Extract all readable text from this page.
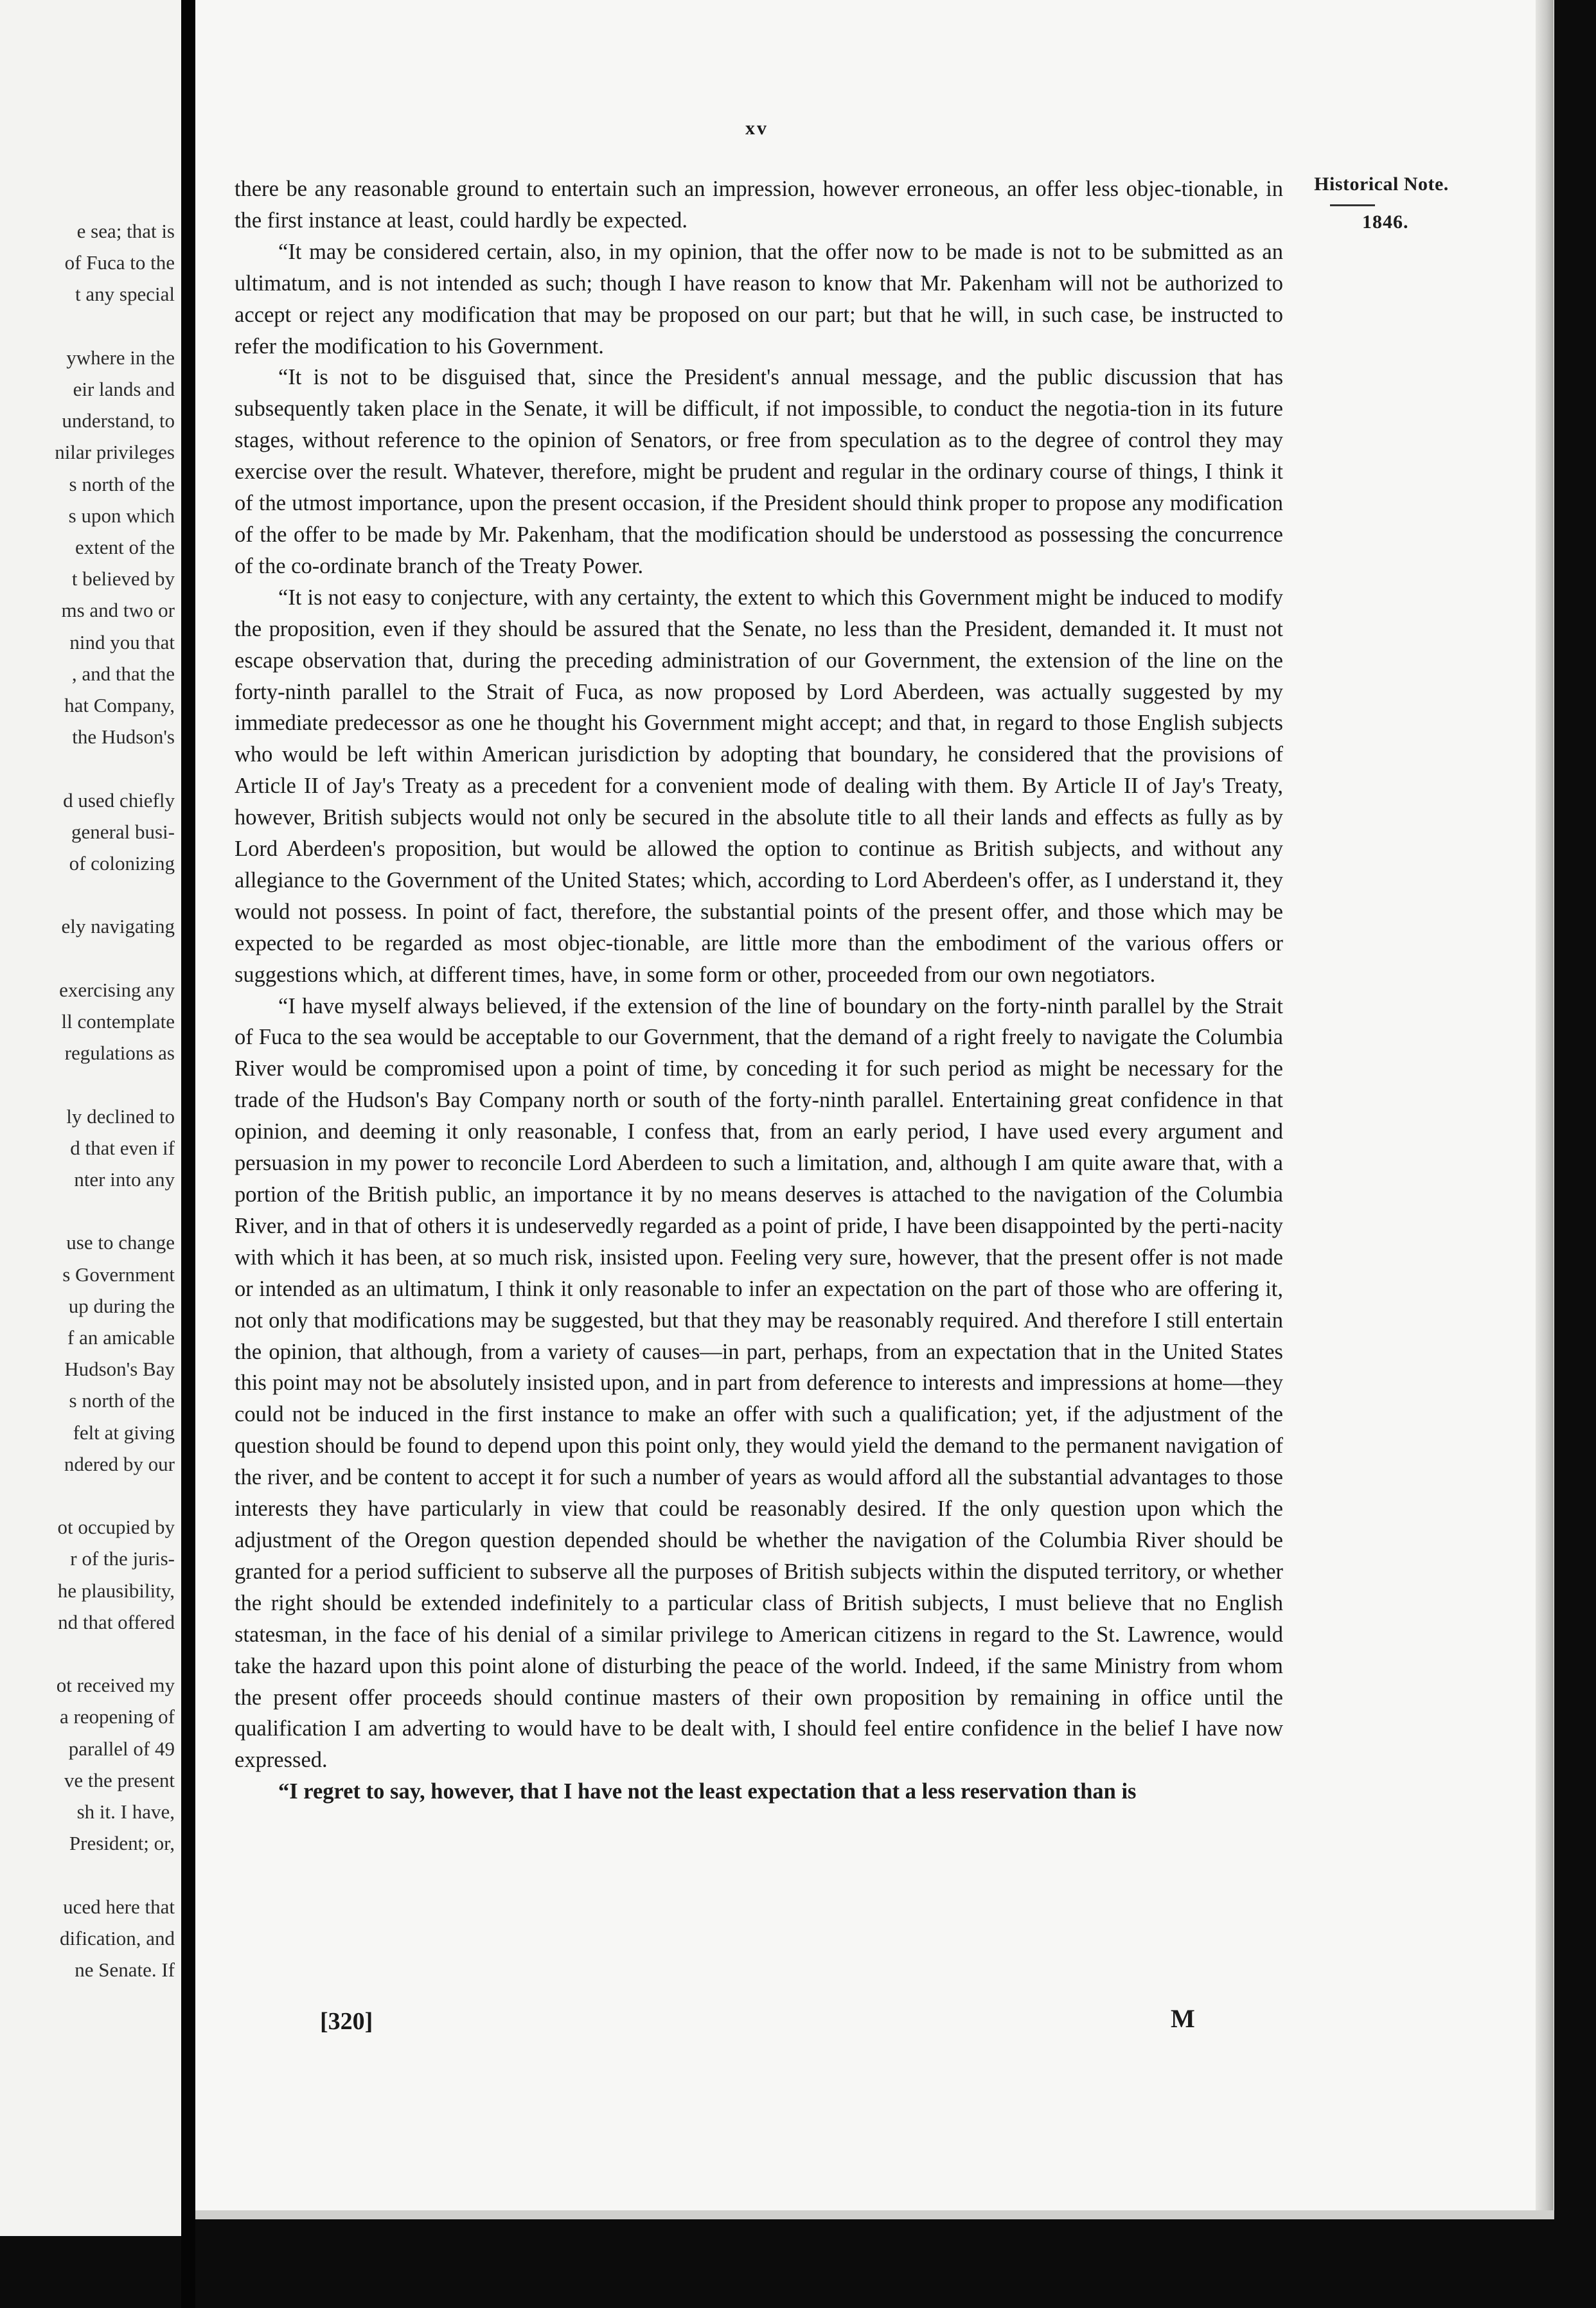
e sea; that is
of Fuca to the
t any special
ywhere in the
eir lands and
understand, to
nilar privileges
s north of the
s upon which
extent of the
t believed by
ms and two or
nind you that
, and that the
hat Company,
the Hudson's
d used chiefly
general busi-
of colonizing
ely navigating
exercising any
ll contemplate
regulations as
ly declined to
d that even if
nter into any
use to change
s Government
up during the
f an amicable
Hudson's Bay
s north of the
felt at giving
ndered by our
ot occupied by
r of the juris-
he plausibility,
nd that offered
ot received my
a reopening of
parallel of 49
ve the present
sh it. I have,
President; or,
uced here that
dification, and
ne Senate. If
xv
Historical Note.
1846.

there be any reasonable ground to entertain such an impression, however erroneous, an offer less objec-tionable, in the first instance at least, could hardly be expected.

“It may be considered certain, also, in my opinion, that the offer now to be made is not to be submitted as an ultimatum, and is not intended as such; though I have reason to know that Mr. Pakenham will not be authorized to accept or reject any modification that may be proposed on our part; but that he will, in such case, be instructed to refer the modification to his Government.

“It is not to be disguised that, since the President's annual message, and the public discussion that has subsequently taken place in the Senate, it will be difficult, if not impossible, to conduct the negotia-tion in its future stages, without reference to the opinion of Senators, or free from speculation as to the degree of control they may exercise over the result. Whatever, therefore, might be prudent and regular in the ordinary course of things, I think it of the utmost importance, upon the present occasion, if the President should think proper to propose any modification of the offer to be made by Mr. Pakenham, that the modification should be understood as possessing the concurrence of the co-ordinate branch of the Treaty Power.

“It is not easy to conjecture, with any certainty, the extent to which this Government might be induced to modify the proposition, even if they should be assured that the Senate, no less than the President, demanded it. It must not escape observation that, during the preceding administration of our Government, the extension of the line on the forty-ninth parallel to the Strait of Fuca, as now proposed by Lord Aberdeen, was actually suggested by my immediate predecessor as one he thought his Government might accept; and that, in regard to those English subjects who would be left within American jurisdiction by adopting that boundary, he considered that the provisions of Article II of Jay's Treaty as a precedent for a convenient mode of dealing with them. By Article II of Jay's Treaty, however, British subjects would not only be secured in the absolute title to all their lands and effects as fully as by Lord Aberdeen's proposition, but would be allowed the option to continue as British subjects, and without any allegiance to the Government of the United States; which, according to Lord Aberdeen's offer, as I understand it, they would not possess. In point of fact, therefore, the substantial points of the present offer, and those which may be expected to be regarded as most objec-tionable, are little more than the embodiment of the various offers or suggestions which, at different times, have, in some form or other, proceeded from our own negotiators.

“I have myself always believed, if the extension of the line of boundary on the forty-ninth parallel by the Strait of Fuca to the sea would be acceptable to our Government, that the demand of a right freely to navigate the Columbia River would be compromised upon a point of time, by conceding it for such period as might be necessary for the trade of the Hudson's Bay Company north or south of the forty-ninth parallel. Entertaining great confidence in that opinion, and deeming it only reasonable, I confess that, from an early period, I have used every argument and persuasion in my power to reconcile Lord Aberdeen to such a limitation, and, although I am quite aware that, with a portion of the British public, an importance it by no means deserves is attached to the navigation of the Columbia River, and in that of others it is undeservedly regarded as a point of pride, I have been disappointed by the perti-nacity with which it has been, at so much risk, insisted upon. Feeling very sure, however, that the present offer is not made or intended as an ultimatum, I think it only reasonable to infer an expectation on the part of those who are offering it, not only that modifications may be suggested, but that they may be reasonably required. And therefore I still entertain the opinion, that although, from a variety of causes—in part, perhaps, from an expectation that in the United States this point may not be absolutely insisted upon, and in part from deference to interests and impressions at home—they could not be induced in the first instance to make an offer with such a qualification; yet, if the adjustment of the question should be found to depend upon this point only, they would yield the demand to the permanent navigation of the river, and be content to accept it for such a number of years as would afford all the substantial advantages to those interests they have particularly in view that could be reasonably desired. If the only question upon which the adjustment of the Oregon question depended should be whether the navigation of the Columbia River should be granted for a period sufficient to subserve all the purposes of British subjects within the disputed territory, or whether the right should be extended indefinitely to a particular class of British subjects, I must believe that no English statesman, in the face of his denial of a similar privilege to American citizens in regard to the St. Lawrence, would take the hazard upon this point alone of disturbing the peace of the world. Indeed, if the same Ministry from whom the present offer proceeds should continue masters of their own proposition by remaining in office until the qualification I am adverting to would have to be dealt with, I should feel entire confidence in the belief I have now expressed.

“I regret to say, however, that I have not the least expectation that a less reservation than is

[320]	M
